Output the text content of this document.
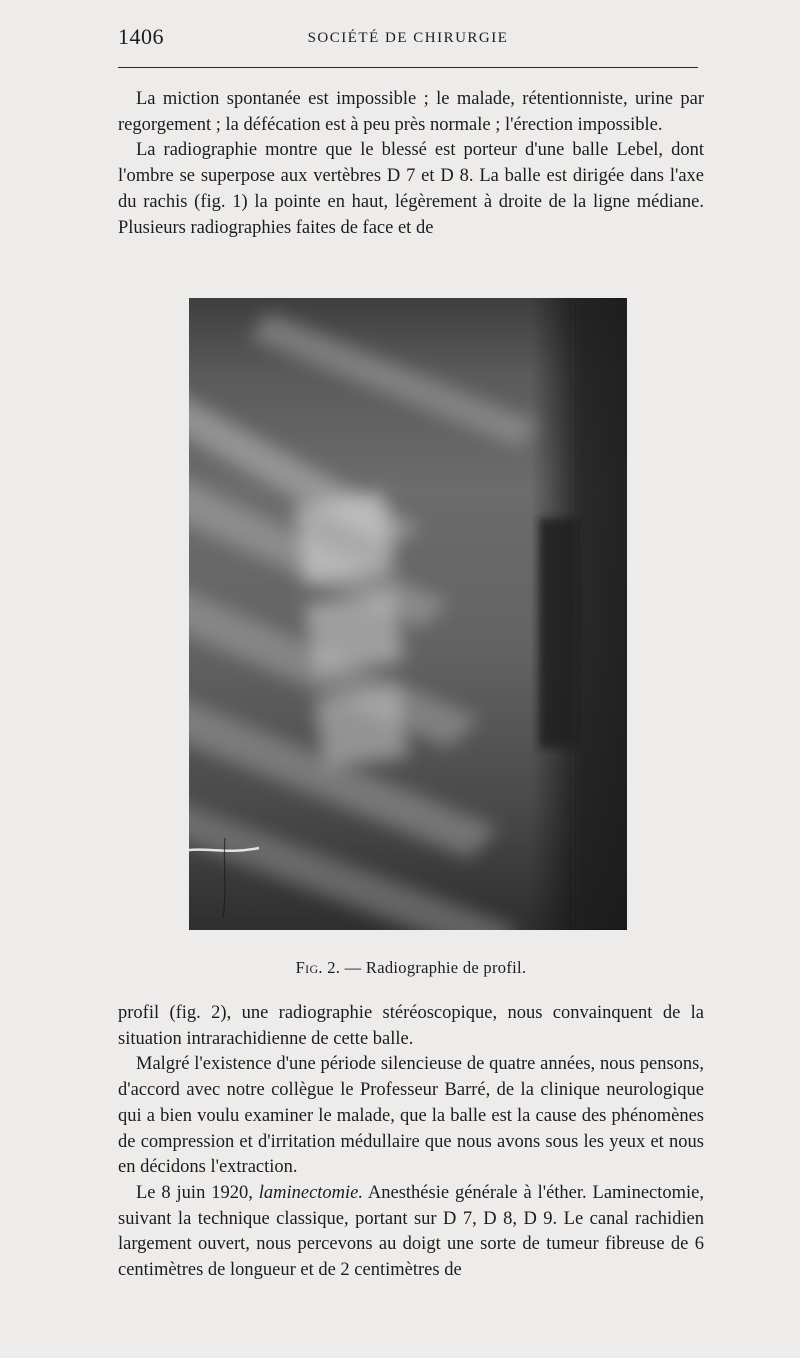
1406	SOCIÉTÉ DE CHIRURGIE

La miction spontanée est impossible ; le malade, rétentionniste, urine par regorgement ; la défécation est à peu près normale ; l'érection impossible.

La radiographie montre que le blessé est porteur d'une balle Lebel, dont l'ombre se superpose aux vertèbres D 7 et D 8. La balle est dirigée dans l'axe du rachis (fig. 1) la pointe en haut, légèrement à droite de la ligne médiane. Plusieurs radiographies faites de face et de

Fig. 2. — Radiographie de profil.

profil (fig. 2), une radiographie stéréoscopique, nous convainquent de la situation intrarachidienne de cette balle.

Malgré l'existence d'une période silencieuse de quatre années, nous pensons, d'accord avec notre collègue le Professeur Barré, de la clinique neurologique qui a bien voulu examiner le malade, que la balle est la cause des phénomènes de compression et d'irritation médullaire que nous avons sous les yeux et nous en décidons l'extraction.

Le 8 juin 1920, laminectomie. Anesthésie générale à l'éther. Laminectomie, suivant la technique classique, portant sur D 7, D 8, D 9. Le canal rachidien largement ouvert, nous percevons au doigt une sorte de tumeur fibreuse de 6 centimètres de longueur et de 2 centimètres de
